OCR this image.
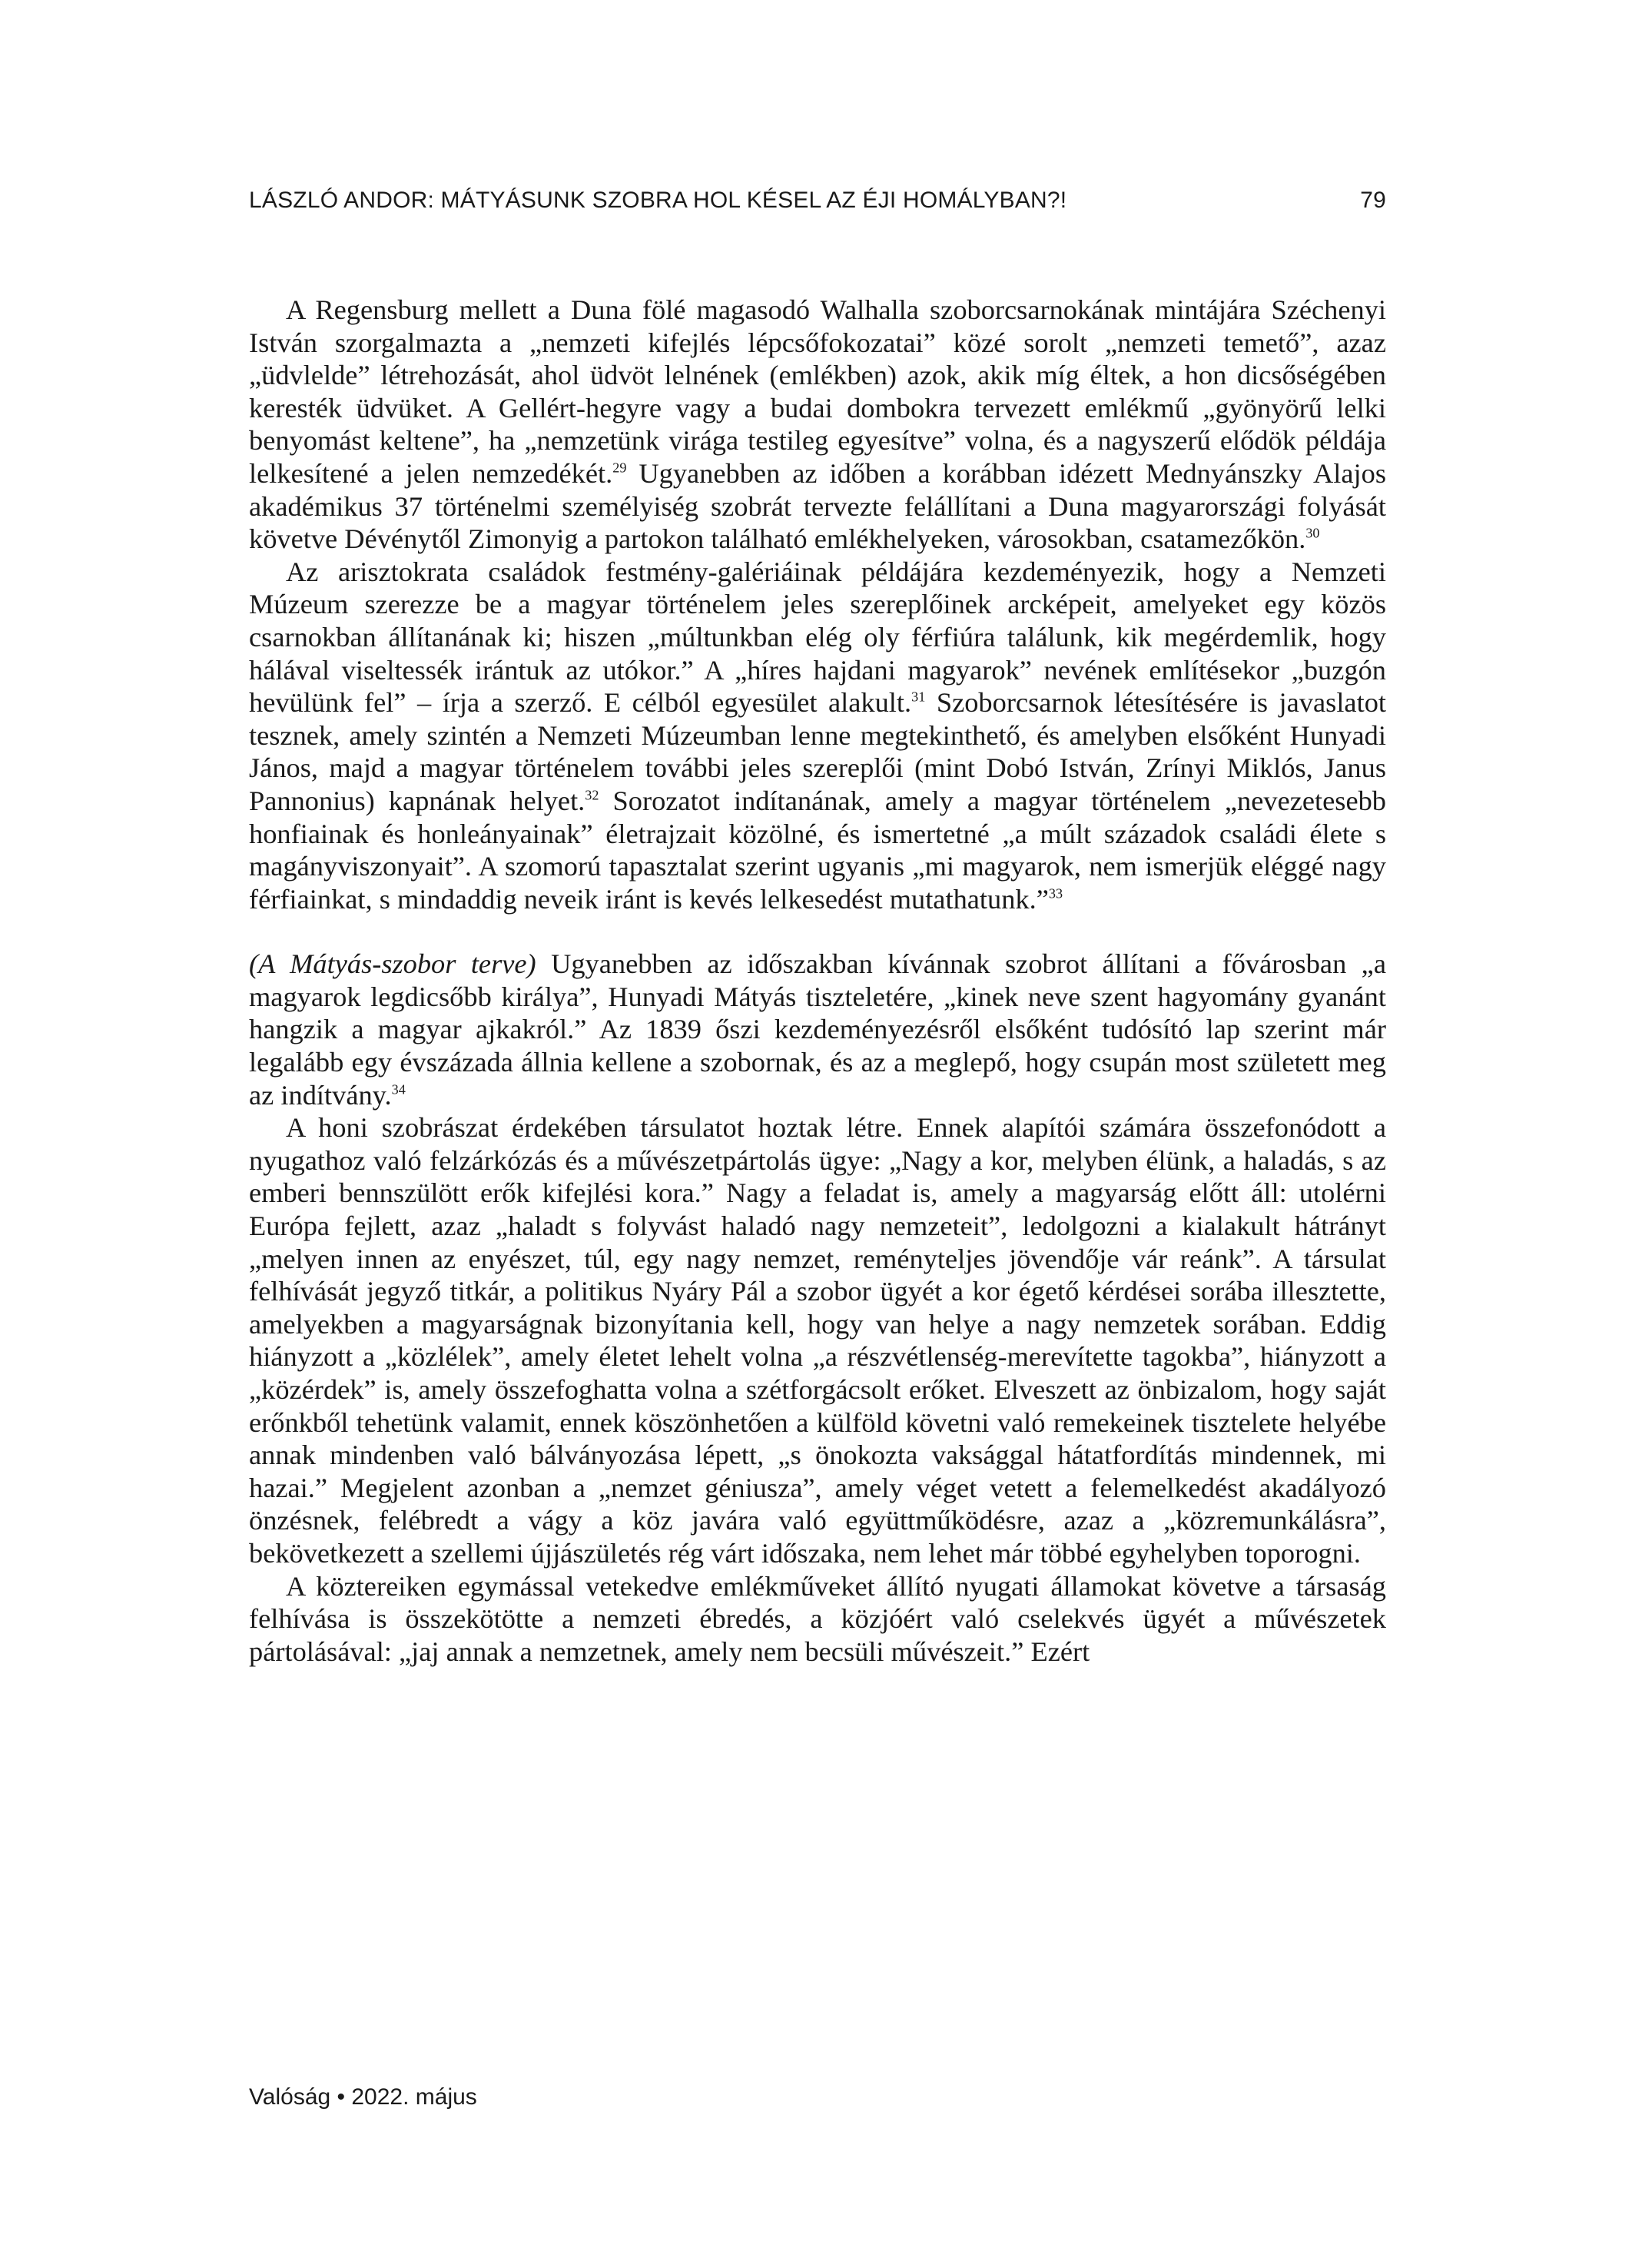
LÁSZLÓ ANDOR: MÁTYÁSUNK SZOBRA HOL KÉSEL AZ ÉJI HOMÁLYBAN?!	79

A Regensburg mellett a Duna fölé magasodó Walhalla szoborcsarnokának mintájára Széchenyi István szorgalmazta a „nemzeti kifejlés lépcsőfokozatai” közé sorolt „nemzeti temető”, azaz „üdvlelde” létrehozását, ahol üdvöt lelnének (emlékben) azok, akik míg éltek, a hon dicsőségében keresték üdvüket. A Gellért-hegyre vagy a budai dombokra tervezett emlékmű „gyönyörű lelki benyomást keltene”, ha „nemzetünk virága testileg egyesítve” volna, és a nagyszerű elődök példája lelkesítené a jelen nemzedékét.$^{29}$ Ugyanebben az időben a korábban idézett Mednyánszky Alajos akadémikus 37 történelmi személyiség szobrát tervezte felállítani a Duna magyarországi folyását követve Dévénytől Zimonyig a partokon található emlékhelyeken, városokban, csatamezőkön.$^{30}$

Az arisztokrata családok festmény-galériáinak példájára kezdeményezik, hogy a Nemzeti Múzeum szerezze be a magyar történelem jeles szereplőinek arcképeit, amelyeket egy közös csarnokban állítanának ki; hiszen „múltunkban elég oly férfiúra találunk, kik megérdemlik, hogy hálával viseltessék irántuk az utókor.” A „híres hajdani magyarok” nevének említésekor „buzgón hevülünk fel” – írja a szerző. E célból egyesület alakult.$^{31}$ Szoborcsarnok létesítésére is javaslatot tesznek, amely szintén a Nemzeti Múzeumban lenne megtekinthető, és amelyben elsőként Hunyadi János, majd a magyar történelem további jeles szereplői (mint Dobó István, Zrínyi Miklós, Janus Pannonius) kapnának helyet.$^{32}$ Sorozatot indítanának, amely a magyar történelem „nevezetesebb honfiainak és honleányainak” életrajzait közölné, és ismertetné „a múlt századok családi élete s magányviszonyait”. A szomorú tapasztalat szerint ugyanis „mi magyarok, nem ismerjük eléggé nagy férfiainkat, s mindaddig neveik iránt is kevés lelkesedést mutathatunk.”$^{33}$

(A Mátyás-szobor terve) Ugyanebben az időszakban kívánnak szobrot állítani a fővárosban „a magyarok legdicsőbb királya”, Hunyadi Mátyás tiszteletére, „kinek neve szent hagyomány gyanánt hangzik a magyar ajkakról.” Az 1839 őszi kezdeményezésről elsőként tudósító lap szerint már legalább egy évszázada állnia kellene a szobornak, és az a meglepő, hogy csupán most született meg az indítvány.$^{34}$

A honi szobrászat érdekében társulatot hoztak létre. Ennek alapítói számára összefonódott a nyugathoz való felzárkózás és a művészetpártolás ügye: „Nagy a kor, melyben élünk, a haladás, s az emberi bennszülött erők kifejlési kora.” Nagy a feladat is, amely a magyarság előtt áll: utolérni Európa fejlett, azaz „haladt s folyvást haladó nagy nemzeteit”, ledolgozni a kialakult hátrányt „melyen innen az enyészet, túl, egy nagy nemzet, reményteljes jövendője vár reánk”. A társulat felhívását jegyző titkár, a politikus Nyáry Pál a szobor ügyét a kor égető kérdései sorába illesztette, amelyekben a magyarságnak bizonyítania kell, hogy van helye a nagy nemzetek sorában. Eddig hiányzott a „közlélek”, amely életet lehelt volna „a részvétlenség-merevítette tagokba”, hiányzott a „közérdek” is, amely összefoghatta volna a szétforgácsolt erőket. Elveszett az önbizalom, hogy saját erőnkből tehetünk valamit, ennek köszönhetően a külföld követni való remekeinek tisztelete helyébe annak mindenben való bálványozása lépett, „s önokozta vaksággal hátatfordítás mindennek, mi hazai.” Megjelent azonban a „nemzet géniusza”, amely véget vetett a felemelkedést akadályozó önzésnek, felébredt a vágy a köz javára való együttműködésre, azaz a „közremunkálásra”, bekövetkezett a szellemi újjászületés rég várt időszaka, nem lehet már többé egyhelyben toporogni.

A köztereiken egymással vetekedve emlékműveket állító nyugati államokat követve a társaság felhívása is összekötötte a nemzeti ébredés, a közjóért való cselekvés ügyét a művészetek pártolásával: „jaj annak a nemzetnek, amely nem becsüli művészeit.” Ezért

Valóság • 2022. május
